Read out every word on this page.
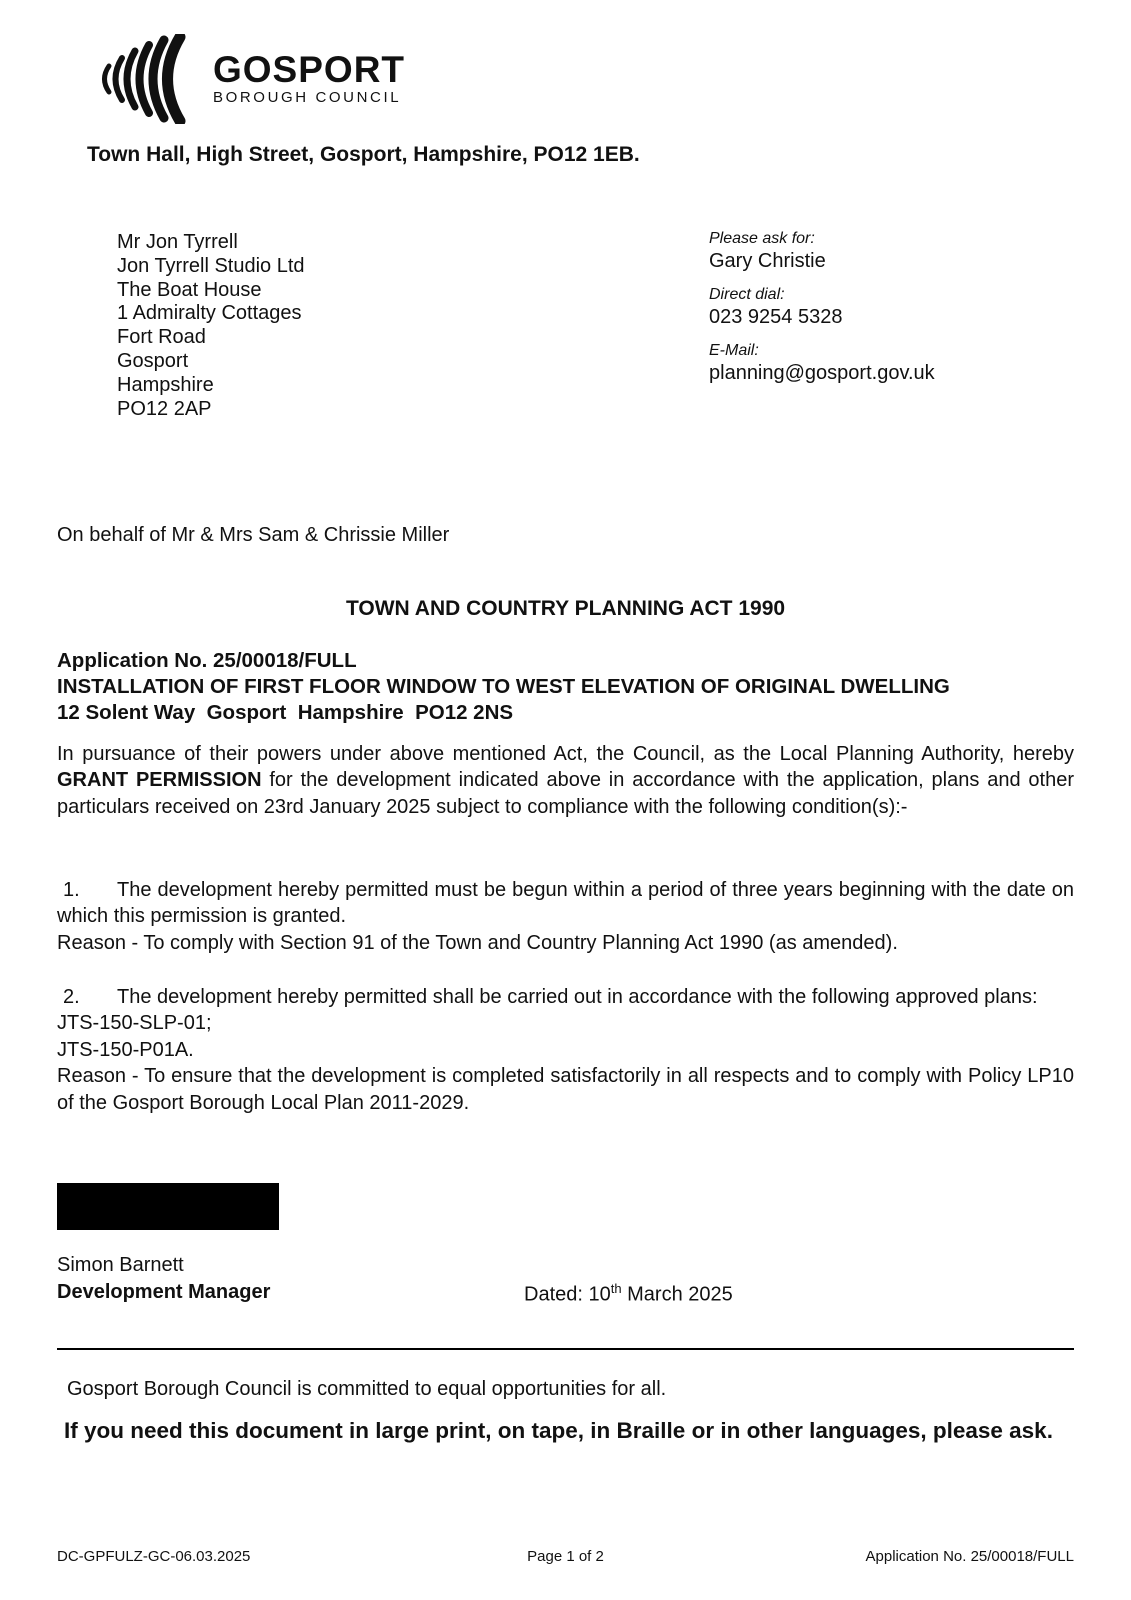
GOSPORT
BOROUGH COUNCIL
Town Hall, High Street, Gosport, Hampshire, PO12 1EB.
Mr Jon Tyrrell
Jon Tyrrell Studio Ltd
The Boat House
1 Admiralty Cottages
Fort Road
Gosport
Hampshire
PO12 2AP
Please ask for:
Gary Christie
Direct dial:
023 9254 5328
E-Mail:
planning@gosport.gov.uk
On behalf of Mr & Mrs Sam & Chrissie Miller
TOWN AND COUNTRY PLANNING ACT 1990
Application No. 25/00018/FULL
INSTALLATION OF FIRST FLOOR WINDOW TO WEST ELEVATION OF ORIGINAL DWELLING
12 Solent Way  Gosport  Hampshire  PO12 2NS
In pursuance of their powers under above mentioned Act, the Council, as the Local Planning Authority, hereby GRANT PERMISSION for the development indicated above in accordance with the application, plans and other particulars received on 23rd January 2025 subject to compliance with the following condition(s):-

1. The development hereby permitted must be begun within a period of three years beginning with the date on which this permission is granted.

Reason - To comply with Section 91 of the Town and Country Planning Act 1990 (as amended).

2. The development hereby permitted shall be carried out in accordance with the following approved plans:

JTS-150-SLP-01;

JTS-150-P01A.

Reason - To ensure that the development is completed satisfactorily in all respects and to comply with Policy LP10 of the Gosport Borough Local Plan 2011-2029.

Simon Barnett
Development Manager	Dated: 10th March 2025
Gosport Borough Council is committed to equal opportunities for all.
If you need this document in large print, on tape, in Braille or in other languages, please ask.
DC-GPFULZ-GC-06.03.2025	Page 1 of 2	Application No. 25/00018/FULL
